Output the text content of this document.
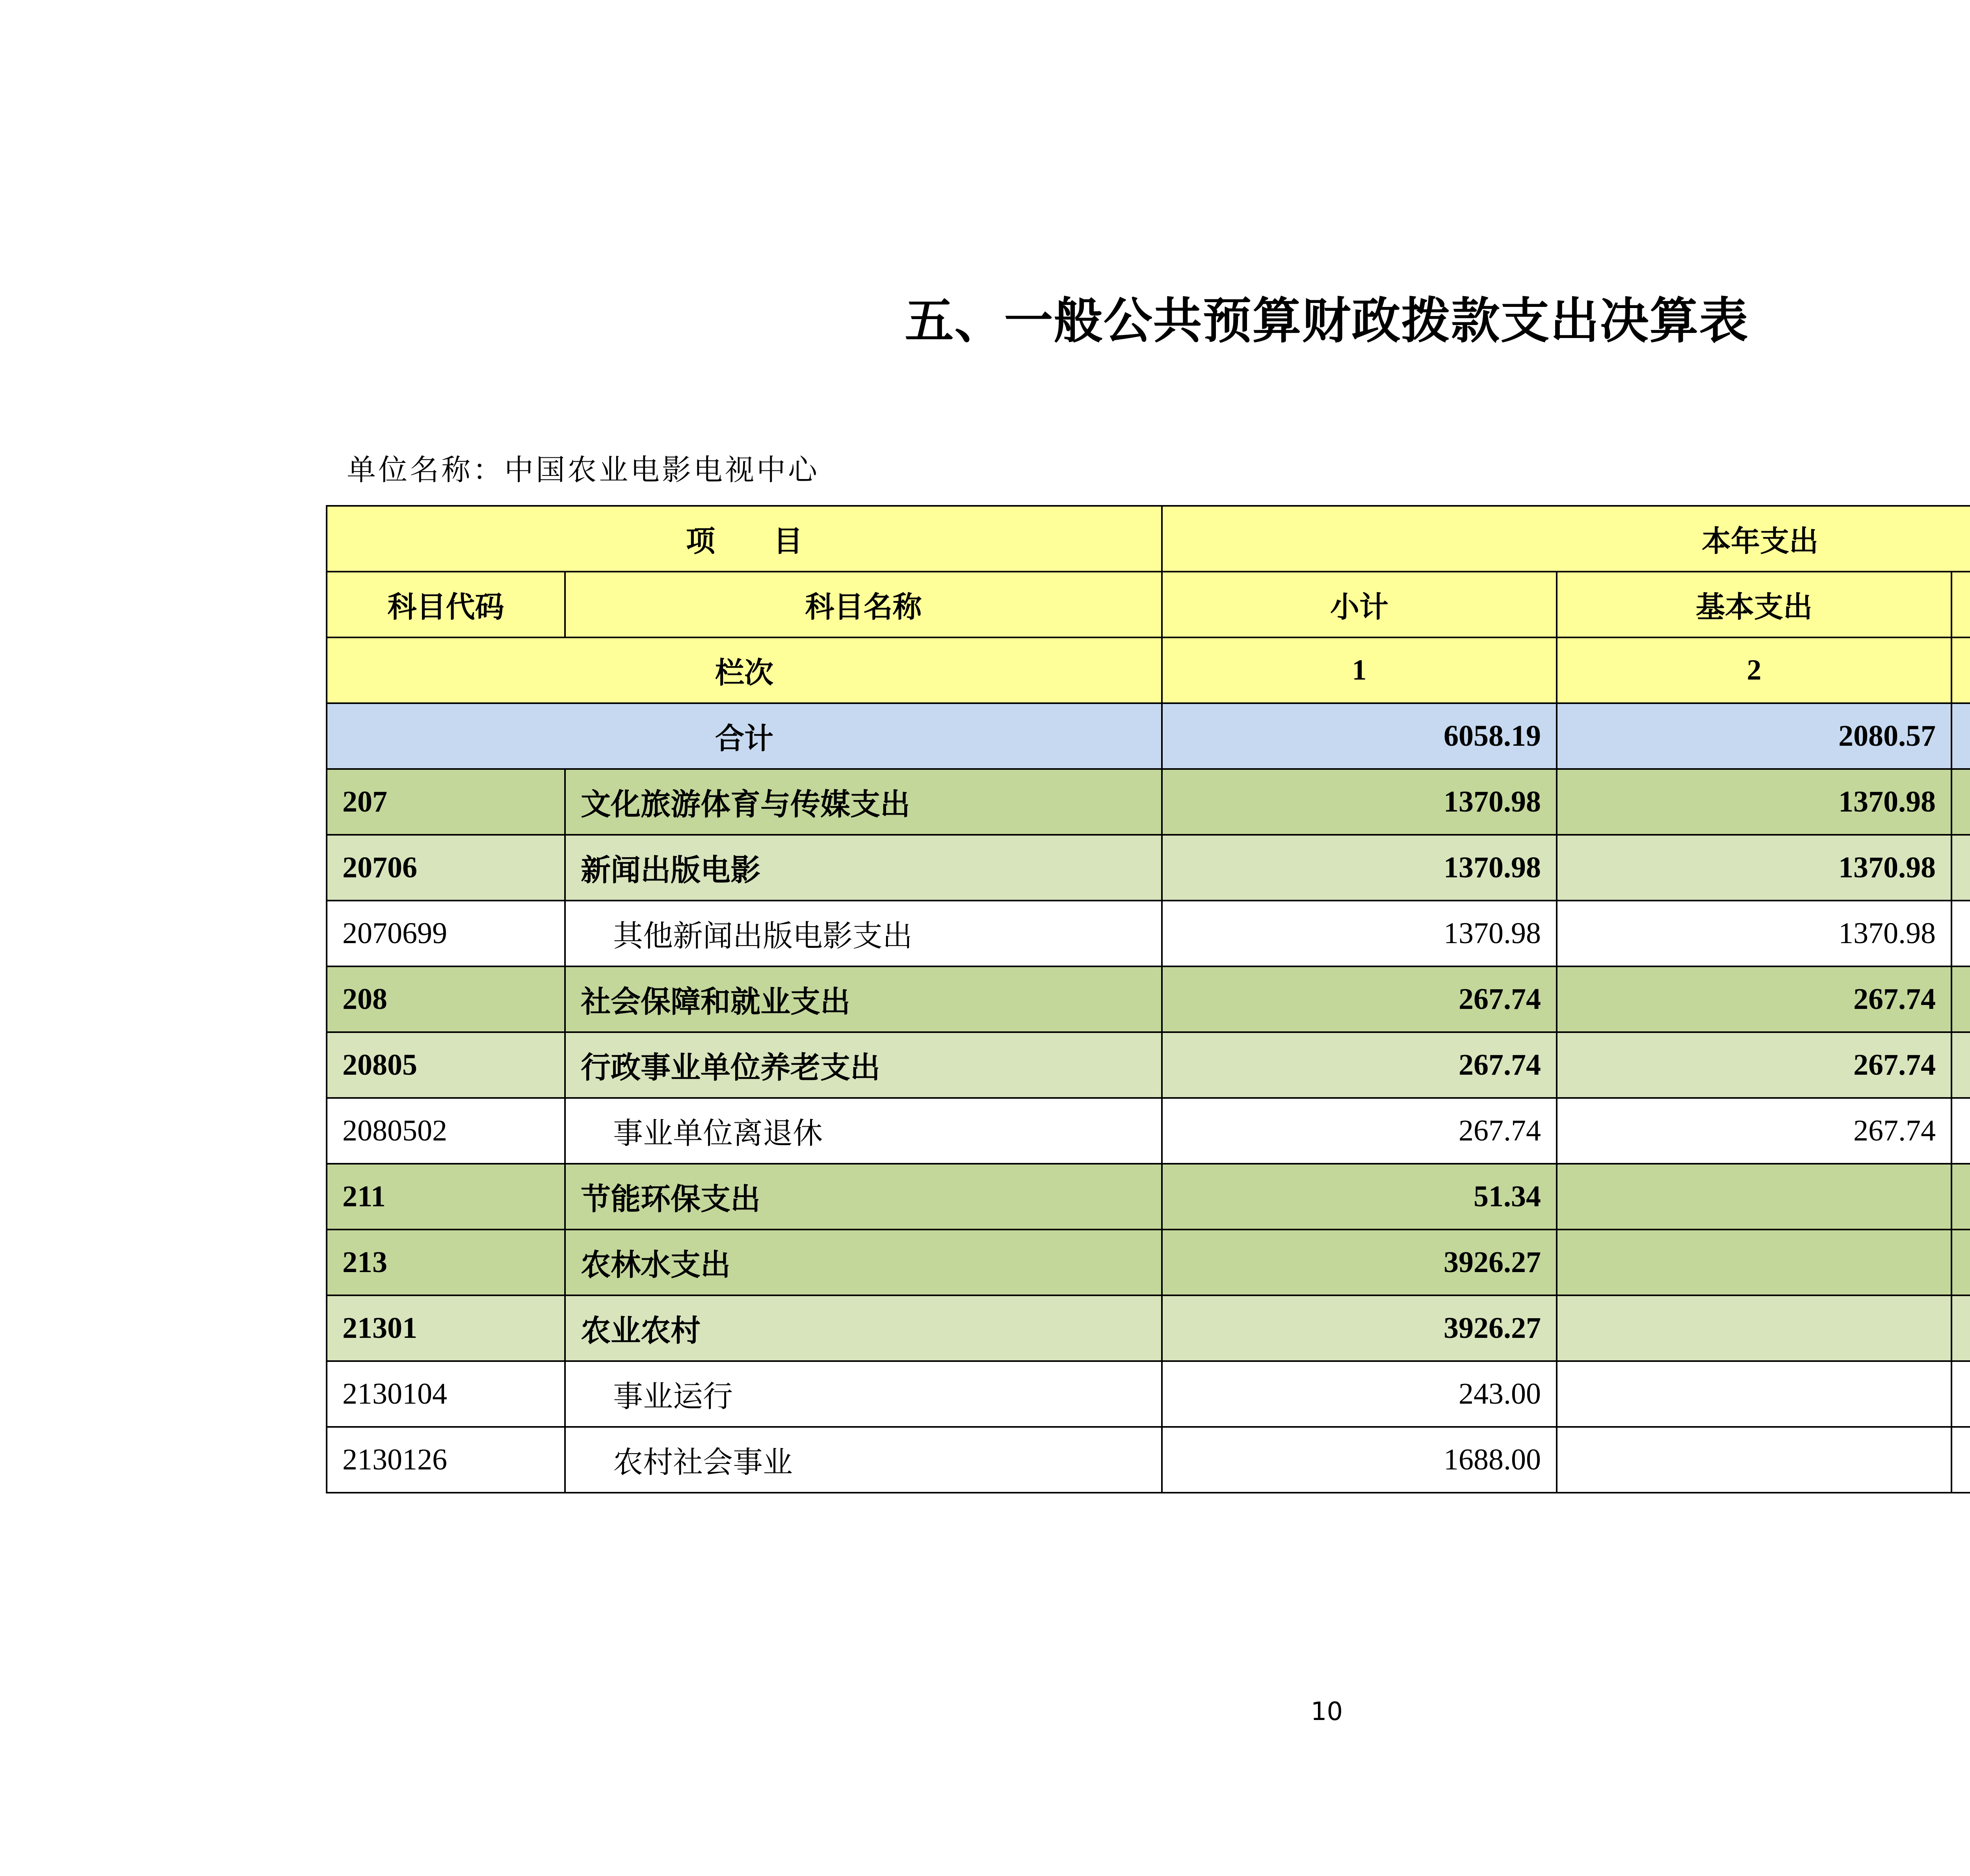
五、一般公共预算财政拨款支出决算表
单位名称：中国农业电影电视中心
项　　目		本年支出		
科目代码	科目名称	小计	基本支出	
栏次		1	2	
合计		6058.19	2080.57	
207	文化旅游体育与传媒支出	1370.98	1370.98	
20706	新闻出版电影	1370.98	1370.98	
2070699	其他新闻出版电影支出	1370.98	1370.98	
208	社会保障和就业支出	267.74	267.74	
20805	行政事业单位养老支出	267.74	267.74	
2080502	事业单位离退休	267.74	267.74	
211	节能环保支出	51.34		
213	农林水支出	3926.27		
21301	农业农村	3926.27		
2130104	事业运行	243.00		
2130126	农村社会事业	1688.00		
10
